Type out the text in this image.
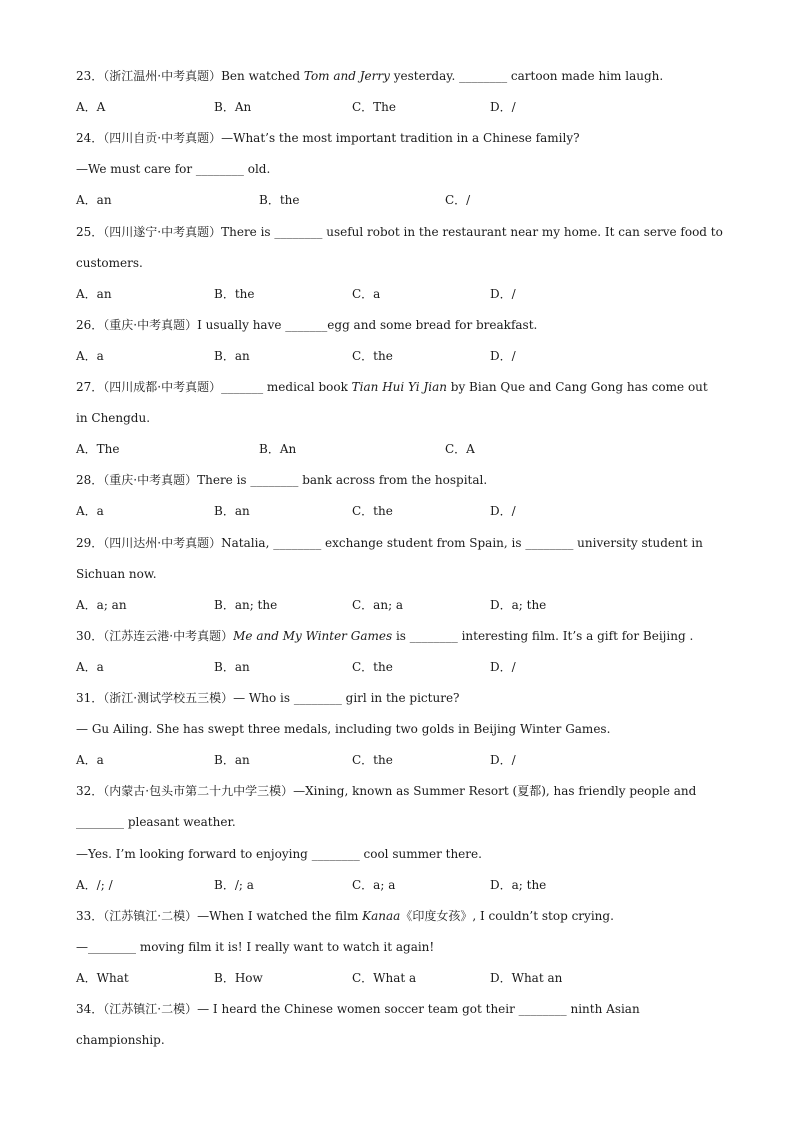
23．（浙江温州·中考真题）Ben watched Tom and Jerry yesterday. ________ cartoon made him laugh.
A．A	B．An	C．The	D．/
24．（四川自贡·中考真题）—What’s the most important tradition in a Chinese family?
—We must care for ________ old.
A．an	B．the	C．/
25．（四川遂宁·中考真题）There is ________ useful robot in the restaurant near my home. It can serve food to
customers.
A．an	B．the	C．a	D．/
26．（重庆·中考真题）I usually have _______egg and some bread for breakfast.
A．a	B．an	C．the	D．/
27．（四川成都·中考真题）_______ medical book Tian Hui Yi Jian by Bian Que and Cang Gong has come out
in Chengdu.
A．The	B．An	C．A
28．（重庆·中考真题）There is ________ bank across from the hospital.
A．a	B．an	C．the	D．/
29．（四川达州·中考真题）Natalia, ________ exchange student from Spain, is ________ university student in
Sichuan now.
A．a; an	B．an; the	C．an; a	D．a; the
30．（江苏连云港·中考真题）Me and My Winter Games is ________ interesting film. It’s a gift for Beijing .
A．a	B．an	C．the	D．/
31．（浙江·测试学校五三模）— Who is ________ girl in the picture?
— Gu Ailing. She has swept three medals, including two golds in Beijing Winter Games.
A．a	B．an	C．the	D．/
32．（内蒙古·包头市第二十九中学三模）—Xining, known as Summer Resort (夏都), has friendly people and
________ pleasant weather.
—Yes. I’m looking forward to enjoying ________ cool summer there.
A．/; /	B．/; a	C．a; a	D．a; the
33．（江苏镇江·二模）—When I watched the film Kanaa《印度女孩》, I couldn’t stop crying.
—________ moving film it is! I really want to watch it again!
A．What	B．How	C．What a	D．What an
34．（江苏镇江·二模）— I heard the Chinese women soccer team got their ________ ninth Asian
championship.
